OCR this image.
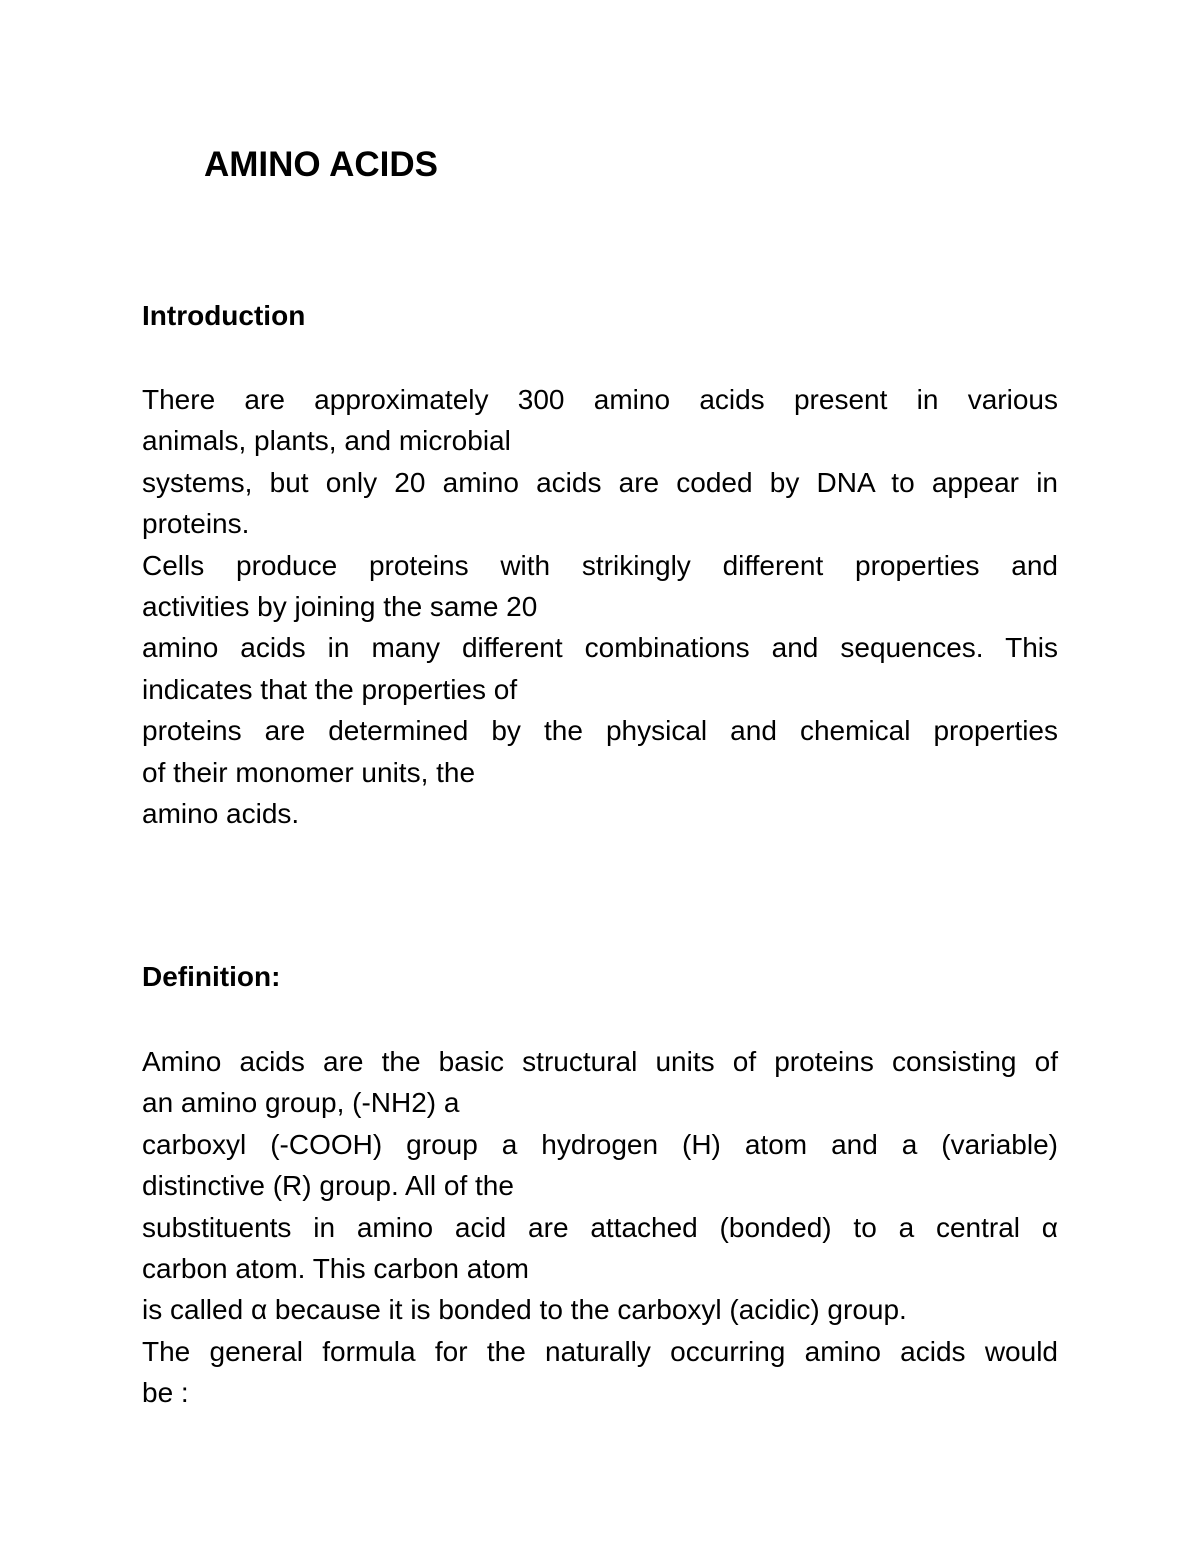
AMINO ACIDS
Introduction
There are approximately 300 amino acids present in various
animals, plants, and microbial
systems, but only 20 amino acids are coded by DNA to appear in
proteins.
Cells produce proteins with strikingly different properties and
activities by joining the same 20
amino acids in many different combinations and sequences. This
indicates that the properties of
proteins are determined by the physical and chemical properties
of their monomer units, the
amino acids.
Definition:
Amino acids are the basic structural units of proteins consisting of
an amino group, (-NH2) a
carboxyl (-COOH) group a hydrogen (H) atom and a (variable)
distinctive (R) group. All of the
substituents in amino acid are attached (bonded) to a central α
carbon atom. This carbon atom
is called α because it is bonded to the carboxyl (acidic) group.
The general formula for the naturally occurring amino acids would
be :
